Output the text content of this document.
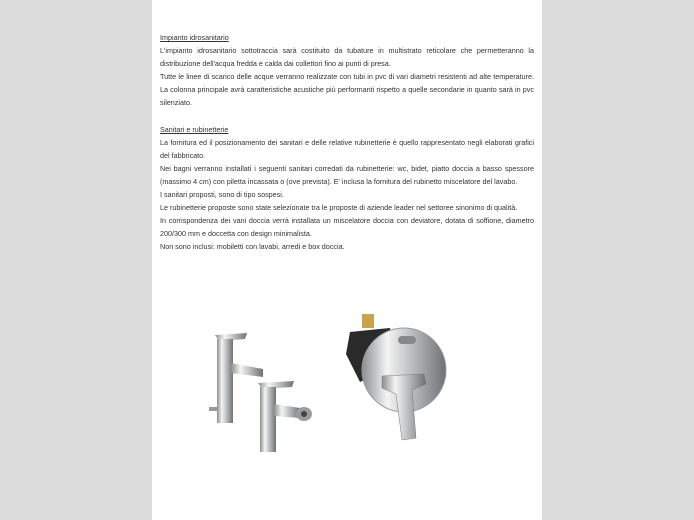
Impianto idrosanitario

L'impianto idrosanitario sottotraccia sarà costituito da tubature in multistrato reticolare che permetteranno la distribuzione dell'acqua fredda e calda dai collettori fino ai punti di presa.

Tutte le linee di scarico delle acque verranno realizzate con tubi in pvc di vari diametri resistenti ad alte temperature. La colonna principale avrà caratteristiche acustiche più performanti rispetto a quelle secondarie in quanto sarà in pvc silenziato.

Sanitari e rubinetterie

La fornitura ed il posizionamento dei sanitari e delle relative rubinetterie è quello rappresentato negli elaborati grafici del fabbricato.

Nei bagni verranno installati i seguenti sanitari corredati da rubinetterie: wc, bidet, piatto doccia a basso spessore (massimo 4 cm) con piletta incassata o (ove prevista). E' inclusa la fornitura del rubinetto miscelatore del lavabo.

I sanitari proposti, sono di tipo sospesi.

Le rubinetterie proposte sono state selezionate tra le proposte di aziende leader nel settoree sinonimo di qualità.

In corrispondenza dei vani doccia verrà installata un miscelatore doccia con deviatore, dotata di soffione, diametro 200/300 mm e doccetta con design minimalista.

Non sono inclusi: mobiletti con lavabi, arredi e box doccia.
